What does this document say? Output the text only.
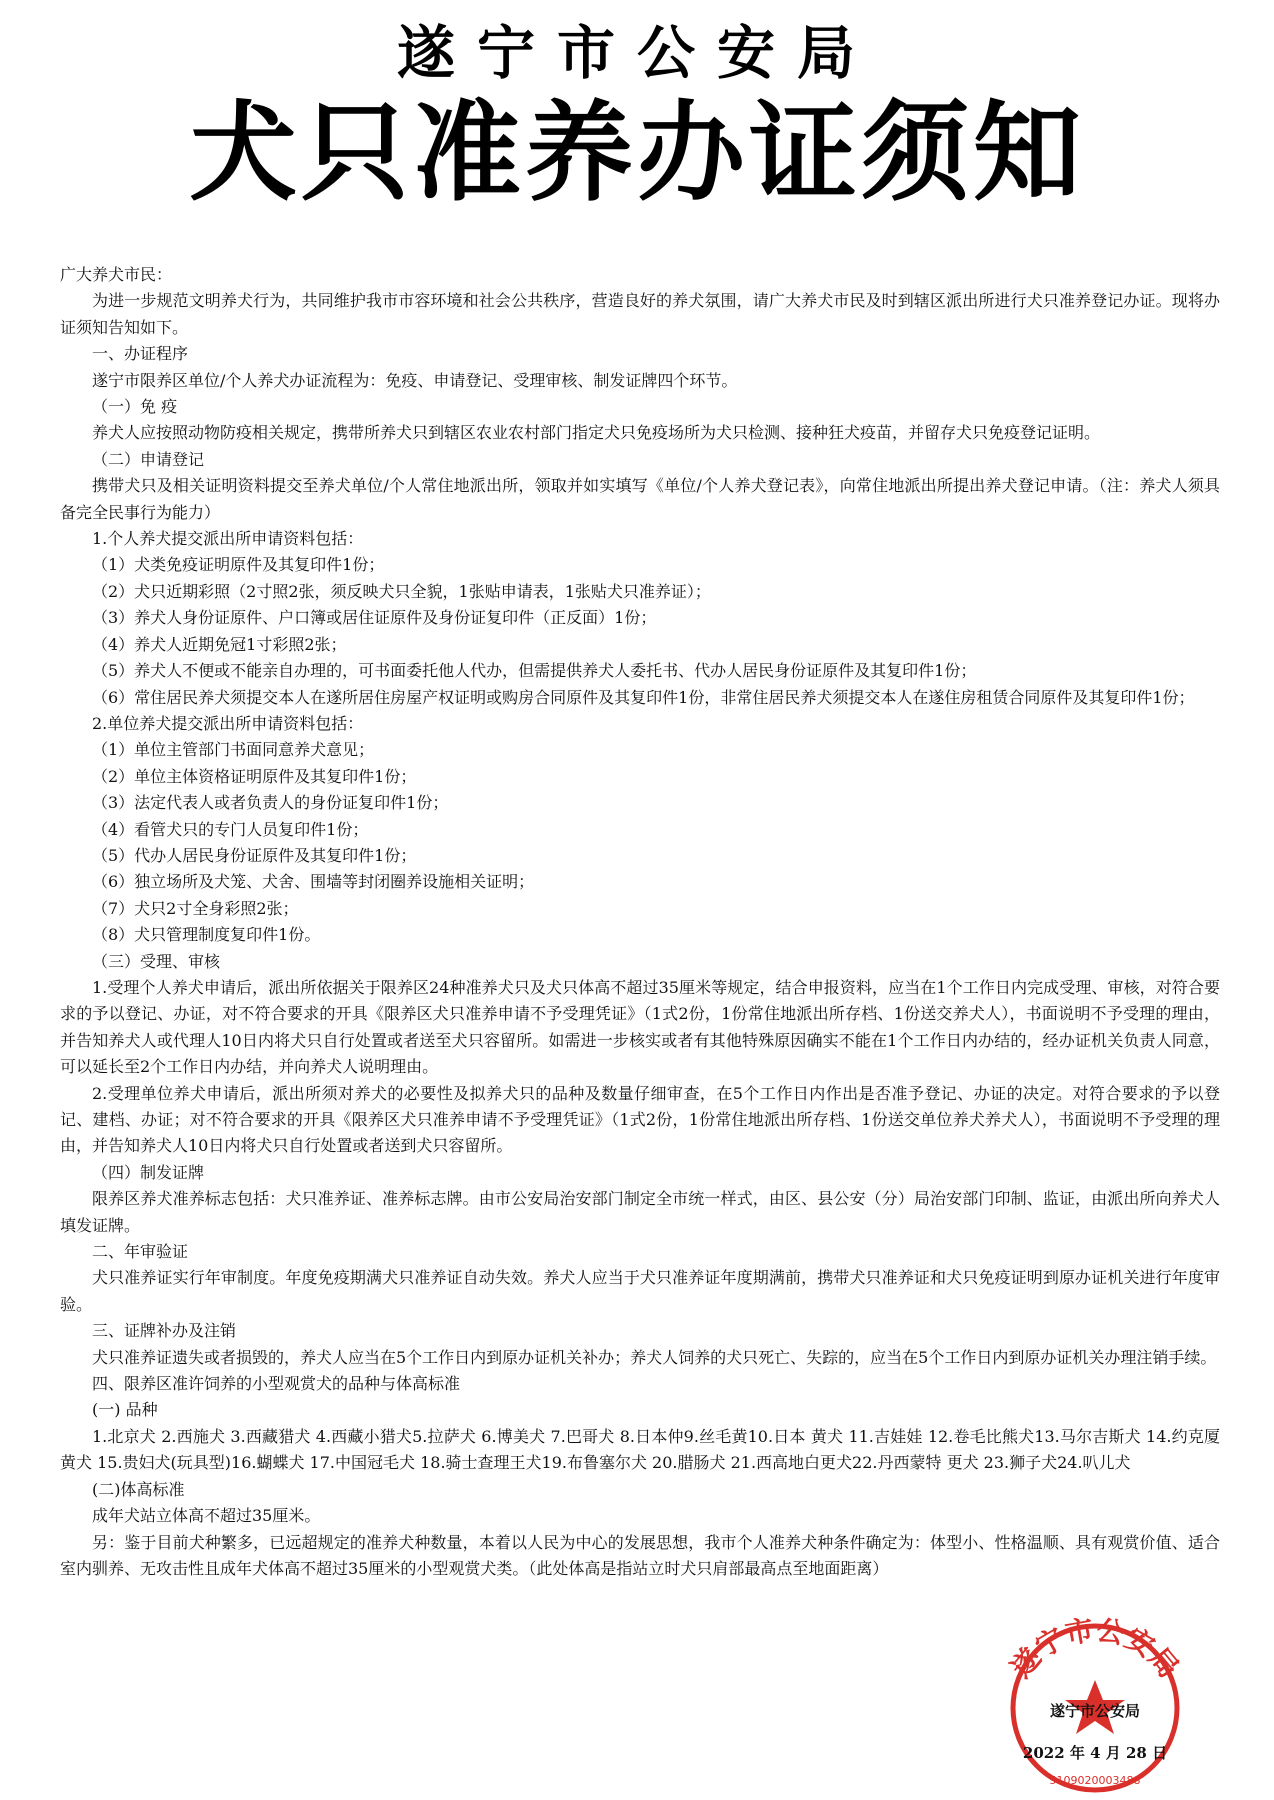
遂宁市公安局
犬只准养办证须知

广大养犬市民：

为进一步规范文明养犬行为，共同维护我市市容环境和社会公共秩序，营造良好的养犬氛围，请广大养犬市民及时到辖区派出所进行犬只准养登记办证。现将办证须知告知如下。

一、办证程序

遂宁市限养区单位/个人养犬办证流程为：免疫、申请登记、受理审核、制发证牌四个环节。

（一）免 疫

养犬人应按照动物防疫相关规定，携带所养犬只到辖区农业农村部门指定犬只免疫场所为犬只检测、接种狂犬疫苗，并留存犬只免疫登记证明。

（二）申请登记

携带犬只及相关证明资料提交至养犬单位/个人常住地派出所，领取并如实填写《单位/个人养犬登记表》，向常住地派出所提出养犬登记申请。（注：养犬人须具备完全民事行为能力）

1.个人养犬提交派出所申请资料包括：

（1）犬类免疫证明原件及其复印件1份；

（2）犬只近期彩照（2寸照2张，须反映犬只全貌，1张贴申请表，1张贴犬只准养证）；

（3）养犬人身份证原件、户口簿或居住证原件及身份证复印件（正反面）1份；

（4）养犬人近期免冠1寸彩照2张；

（5）养犬人不便或不能亲自办理的，可书面委托他人代办，但需提供养犬人委托书、代办人居民身份证原件及其复印件1份；

（6）常住居民养犬须提交本人在遂所居住房屋产权证明或购房合同原件及其复印件1份，非常住居民养犬须提交本人在遂住房租赁合同原件及其复印件1份；

2.单位养犬提交派出所申请资料包括：

（1）单位主管部门书面同意养犬意见；

（2）单位主体资格证明原件及其复印件1份；

（3）法定代表人或者负责人的身份证复印件1份；

（4）看管犬只的专门人员复印件1份；

（5）代办人居民身份证原件及其复印件1份；

（6）独立场所及犬笼、犬舍、围墙等封闭圈养设施相关证明；

（7）犬只2寸全身彩照2张；

（8）犬只管理制度复印件1份。

（三）受理、审核

1.受理个人养犬申请后，派出所依据关于限养区24种准养犬只及犬只体高不超过35厘米等规定，结合申报资料，应当在1个工作日内完成受理、审核，对符合要求的予以登记、办证，对不符合要求的开具《限养区犬只准养申请不予受理凭证》（1式2份，1份常住地派出所存档、1份送交养犬人），书面说明不予受理的理由，并告知养犬人或代理人10日内将犬只自行处置或者送至犬只容留所。如需进一步核实或者有其他特殊原因确实不能在1个工作日内办结的，经办证机关负责人同意，可以延长至2个工作日内办结，并向养犬人说明理由。

2.受理单位养犬申请后，派出所须对养犬的必要性及拟养犬只的品种及数量仔细审查，在5个工作日内作出是否准予登记、办证的决定。对符合要求的予以登记、建档、办证；对不符合要求的开具《限养区犬只准养申请不予受理凭证》（1式2份，1份常住地派出所存档、1份送交单位养犬养犬人），书面说明不予受理的理由，并告知养犬人10日内将犬只自行处置或者送到犬只容留所。

（四）制发证牌

限养区养犬准养标志包括：犬只准养证、准养标志牌。由市公安局治安部门制定全市统一样式，由区、县公安（分）局治安部门印制、监证，由派出所向养犬人填发证牌。

二、年审验证

犬只准养证实行年审制度。年度免疫期满犬只准养证自动失效。养犬人应当于犬只准养证年度期满前，携带犬只准养证和犬只免疫证明到原办证机关进行年度审验。

三、证牌补办及注销

犬只准养证遗失或者损毁的，养犬人应当在5个工作日内到原办证机关补办；养犬人饲养的犬只死亡、失踪的，应当在5个工作日内到原办证机关办理注销手续。

四、限养区准许饲养的小型观赏犬的品种与体高标准

(一) 品种

1.北京犬 2.西施犬 3.西藏猎犬 4.西藏小猎犬5.拉萨犬 6.博美犬 7.巴哥犬 8.日本仲9.丝毛黄10.日本 黄犬 11.吉娃娃 12.卷毛比熊犬13.马尔吉斯犬 14.约克厦黄犬 15.贵妇犬(玩具型)16.蝴蝶犬 17.中国冠毛犬 18.骑士查理王犬19.布鲁塞尔犬 20.腊肠犬 21.西高地白更犬22.丹西蒙特 更犬 23.狮子犬24.叭儿犬

(二)体高标准

成年犬站立体高不超过35厘米。

另：鉴于目前犬种繁多，已远超规定的准养犬种数量，本着以人民为中心的发展思想，我市个人准养犬种条件确定为：体型小、性格温顺、具有观赏价值、适合室内驯养、无攻击性且成年犬体高不超过35厘米的小型观赏犬类。（此处体高是指站立时犬只肩部最高点至地面距离）

遂宁市公安局
5109020003488
遂宁市公安局
2022 年 4 月 28 日
